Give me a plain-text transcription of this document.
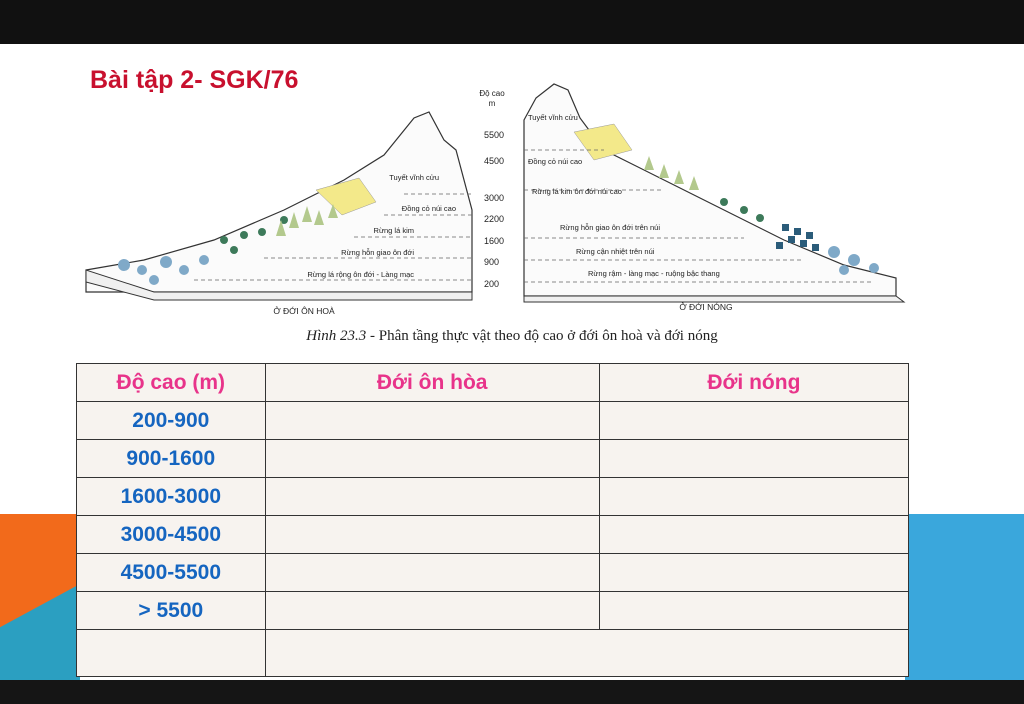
Bài tập 2- SGK/76	Độ cao
m
5500
4500
3000
2200
1600
900
200
Tuyết vĩnh cửu
Đồng cỏ núi cao
Rừng lá kim
Rừng hỗn giao ôn đới
Rừng lá rộng ôn đới - Làng mạc
Tuyết vĩnh cửu
Đồng cỏ núi cao
Rừng lá kim ôn đới núi cao
Rừng hỗn giao ôn đới trên núi
Rừng cận nhiệt trên núi
Rừng rậm - làng mạc - ruộng bậc thang
Ở ĐỚI ÔN HOÀ	Ở ĐỚI NÓNG
Hình 23.3 - Phân tầng thực vật theo độ cao ở đới ôn hoà và đới nóng
Độ cao (m)	Đới ôn hòa	Đới nóng
200-900		
900-1600		
1600-3000		
3000-4500		
4500-5500		
> 5500		
